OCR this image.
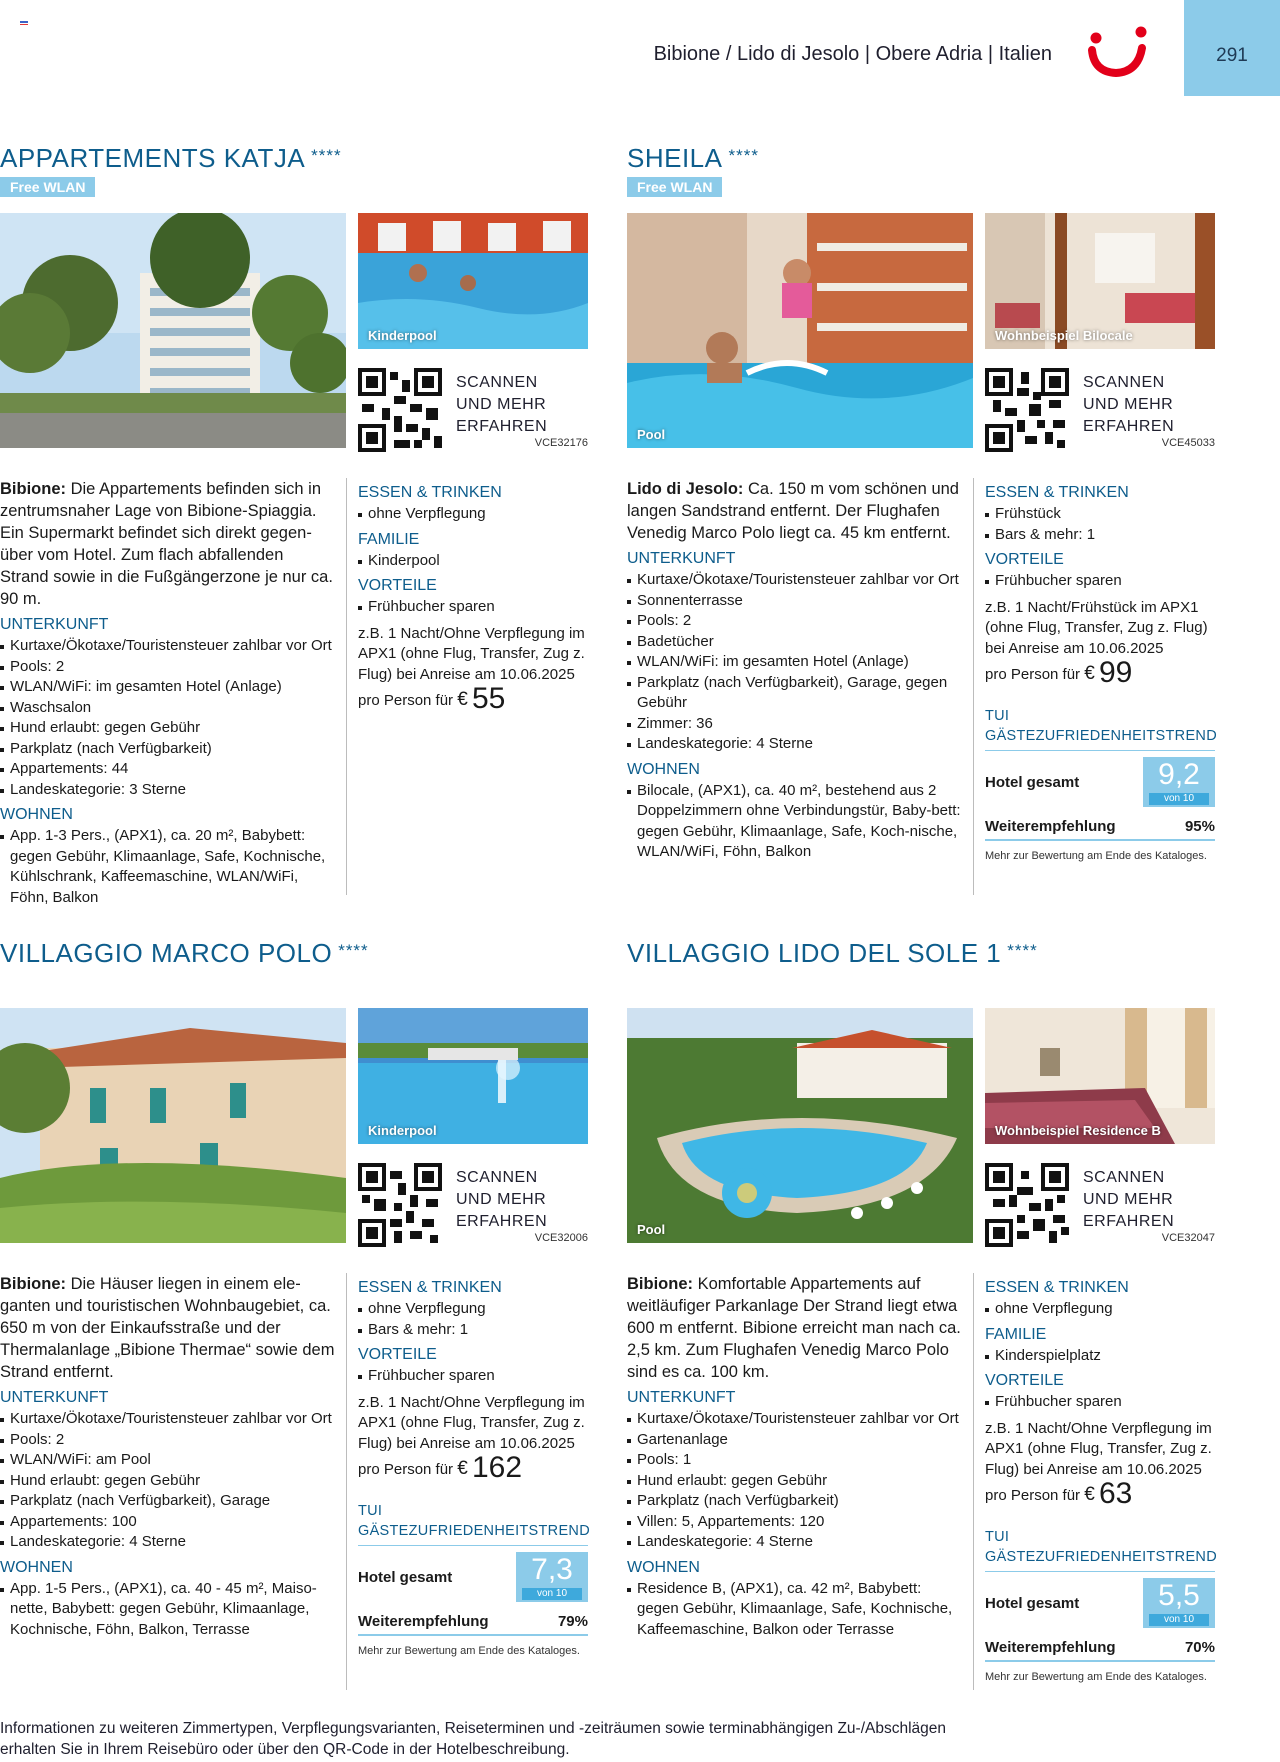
Bibione / Lido di Jesolo | Obere Adria | Italien	291
APPARTEMENTS KATJA ****
Free WLAN
Kinderpool
SCANNEN
UND MEHR
ERFAHREN
VCE32176

Bibione: Die Appartements befinden sich in zentrumsnaher Lage von Bibione-Spiaggia. Ein Supermarkt befindet sich direkt gegen-über vom Hotel. Zum flach abfallenden Strand sowie in die Fußgängerzone je nur ca. 90 m.

UNTERKUNFT
Kurtaxe/Ökotaxe/Touristensteuer zahlbar vor Ort
Pools: 2
WLAN/WiFi: im gesamten Hotel (Anlage)
Waschsalon
Hund erlaubt: gegen Gebühr
Parkplatz (nach Verfügbarkeit)
Appartements: 44
Landeskategorie: 3 Sterne
WOHNEN
App. 1-3 Pers., (APX1), ca. 20 m², Babybett: gegen Gebühr, Klimaanlage, Safe, Kochnische, Kühlschrank, Kaffeemaschine, WLAN/WiFi, Föhn, Balkon
ESSEN & TRINKEN
ohne Verpflegung
FAMILIE
Kinderpool
VORTEILE
Frühbucher sparen
z.B. 1 Nacht/Ohne Verpflegung im APX1 (ohne Flug, Transfer, Zug z. Flug) bei Anreise am 10.06.2025
pro Person für € 55
SHEILA ****
Free WLAN
Pool
Wohnbeispiel Bilocale
SCANNEN
UND MEHR
ERFAHREN
VCE45033

Lido di Jesolo: Ca. 150 m vom schönen und langen Sandstrand entfernt. Der Flughafen Venedig Marco Polo liegt ca. 45 km entfernt.

UNTERKUNFT
Kurtaxe/Ökotaxe/Touristensteuer zahlbar vor Ort
Sonnenterrasse
Pools: 2
Badetücher
WLAN/WiFi: im gesamten Hotel (Anlage)
Parkplatz (nach Verfügbarkeit), Garage, gegen Gebühr
Zimmer: 36
Landeskategorie: 4 Sterne
WOHNEN
Bilocale, (APX1), ca. 40 m², bestehend aus 2 Doppelzimmern ohne Verbindungstür, Baby-bett: gegen Gebühr, Klimaanlage, Safe, Koch-nische, WLAN/WiFi, Föhn, Balkon
ESSEN & TRINKEN
Frühstück
Bars & mehr: 1
VORTEILE
Frühbucher sparen
z.B. 1 Nacht/Frühstück im APX1 (ohne Flug, Transfer, Zug z. Flug) bei Anreise am 10.06.2025
pro Person für € 99
TUI GÄSTEZUFRIEDENHEITSTREND
Hotel gesamt	9,2
von 10
Weiterempfehlung	95%
Mehr zur Bewertung am Ende des Kataloges.
VILLAGGIO MARCO POLO ****
Kinderpool
SCANNEN
UND MEHR
ERFAHREN
VCE32006

Bibione: Die Häuser liegen in einem ele-ganten und touristischen Wohnbaugebiet, ca. 650 m von der Einkaufsstraße und der Thermalanlage „Bibione Thermae“ sowie dem Strand entfernt.

UNTERKUNFT
Kurtaxe/Ökotaxe/Touristensteuer zahlbar vor Ort
Pools: 2
WLAN/WiFi: am Pool
Hund erlaubt: gegen Gebühr
Parkplatz (nach Verfügbarkeit), Garage
Appartements: 100
Landeskategorie: 4 Sterne
WOHNEN
App. 1-5 Pers., (APX1), ca. 40 - 45 m², Maiso-nette, Babybett: gegen Gebühr, Klimaanlage, Kochnische, Föhn, Balkon, Terrasse
ESSEN & TRINKEN
ohne Verpflegung
Bars & mehr: 1
VORTEILE
Frühbucher sparen
z.B. 1 Nacht/Ohne Verpflegung im APX1 (ohne Flug, Transfer, Zug z. Flug) bei Anreise am 10.06.2025
pro Person für € 162
TUI GÄSTEZUFRIEDENHEITSTREND
Hotel gesamt	7,3
von 10
Weiterempfehlung	79%
Mehr zur Bewertung am Ende des Kataloges.
VILLAGGIO LIDO DEL SOLE 1 ****
Pool
Wohnbeispiel Residence B
SCANNEN
UND MEHR
ERFAHREN
VCE32047

Bibione: Komfortable Appartements auf weitläufiger Parkanlage Der Strand liegt etwa 600 m entfernt. Bibione erreicht man nach ca. 2,5 km. Zum Flughafen Venedig Marco Polo sind es ca. 100 km.

UNTERKUNFT
Kurtaxe/Ökotaxe/Touristensteuer zahlbar vor Ort
Gartenanlage
Pools: 1
Hund erlaubt: gegen Gebühr
Parkplatz (nach Verfügbarkeit)
Villen: 5, Appartements: 120
Landeskategorie: 4 Sterne
WOHNEN
Residence B, (APX1), ca. 42 m², Babybett: gegen Gebühr, Klimaanlage, Safe, Kochnische, Kaffeemaschine, Balkon oder Terrasse
ESSEN & TRINKEN
ohne Verpflegung
FAMILIE
Kinderspielplatz
VORTEILE
Frühbucher sparen
z.B. 1 Nacht/Ohne Verpflegung im APX1 (ohne Flug, Transfer, Zug z. Flug) bei Anreise am 10.06.2025
pro Person für € 63
TUI GÄSTEZUFRIEDENHEITSTREND
Hotel gesamt	5,5
von 10
Weiterempfehlung	70%
Mehr zur Bewertung am Ende des Kataloges.
Informationen zu weiteren Zimmertypen, Verpflegungsvarianten, Reiseterminen und -zeiträumen sowie terminabhängigen Zu-/Abschlägen erhalten Sie in Ihrem Reisebüro oder über den QR-Code in der Hotelbeschreibung.
